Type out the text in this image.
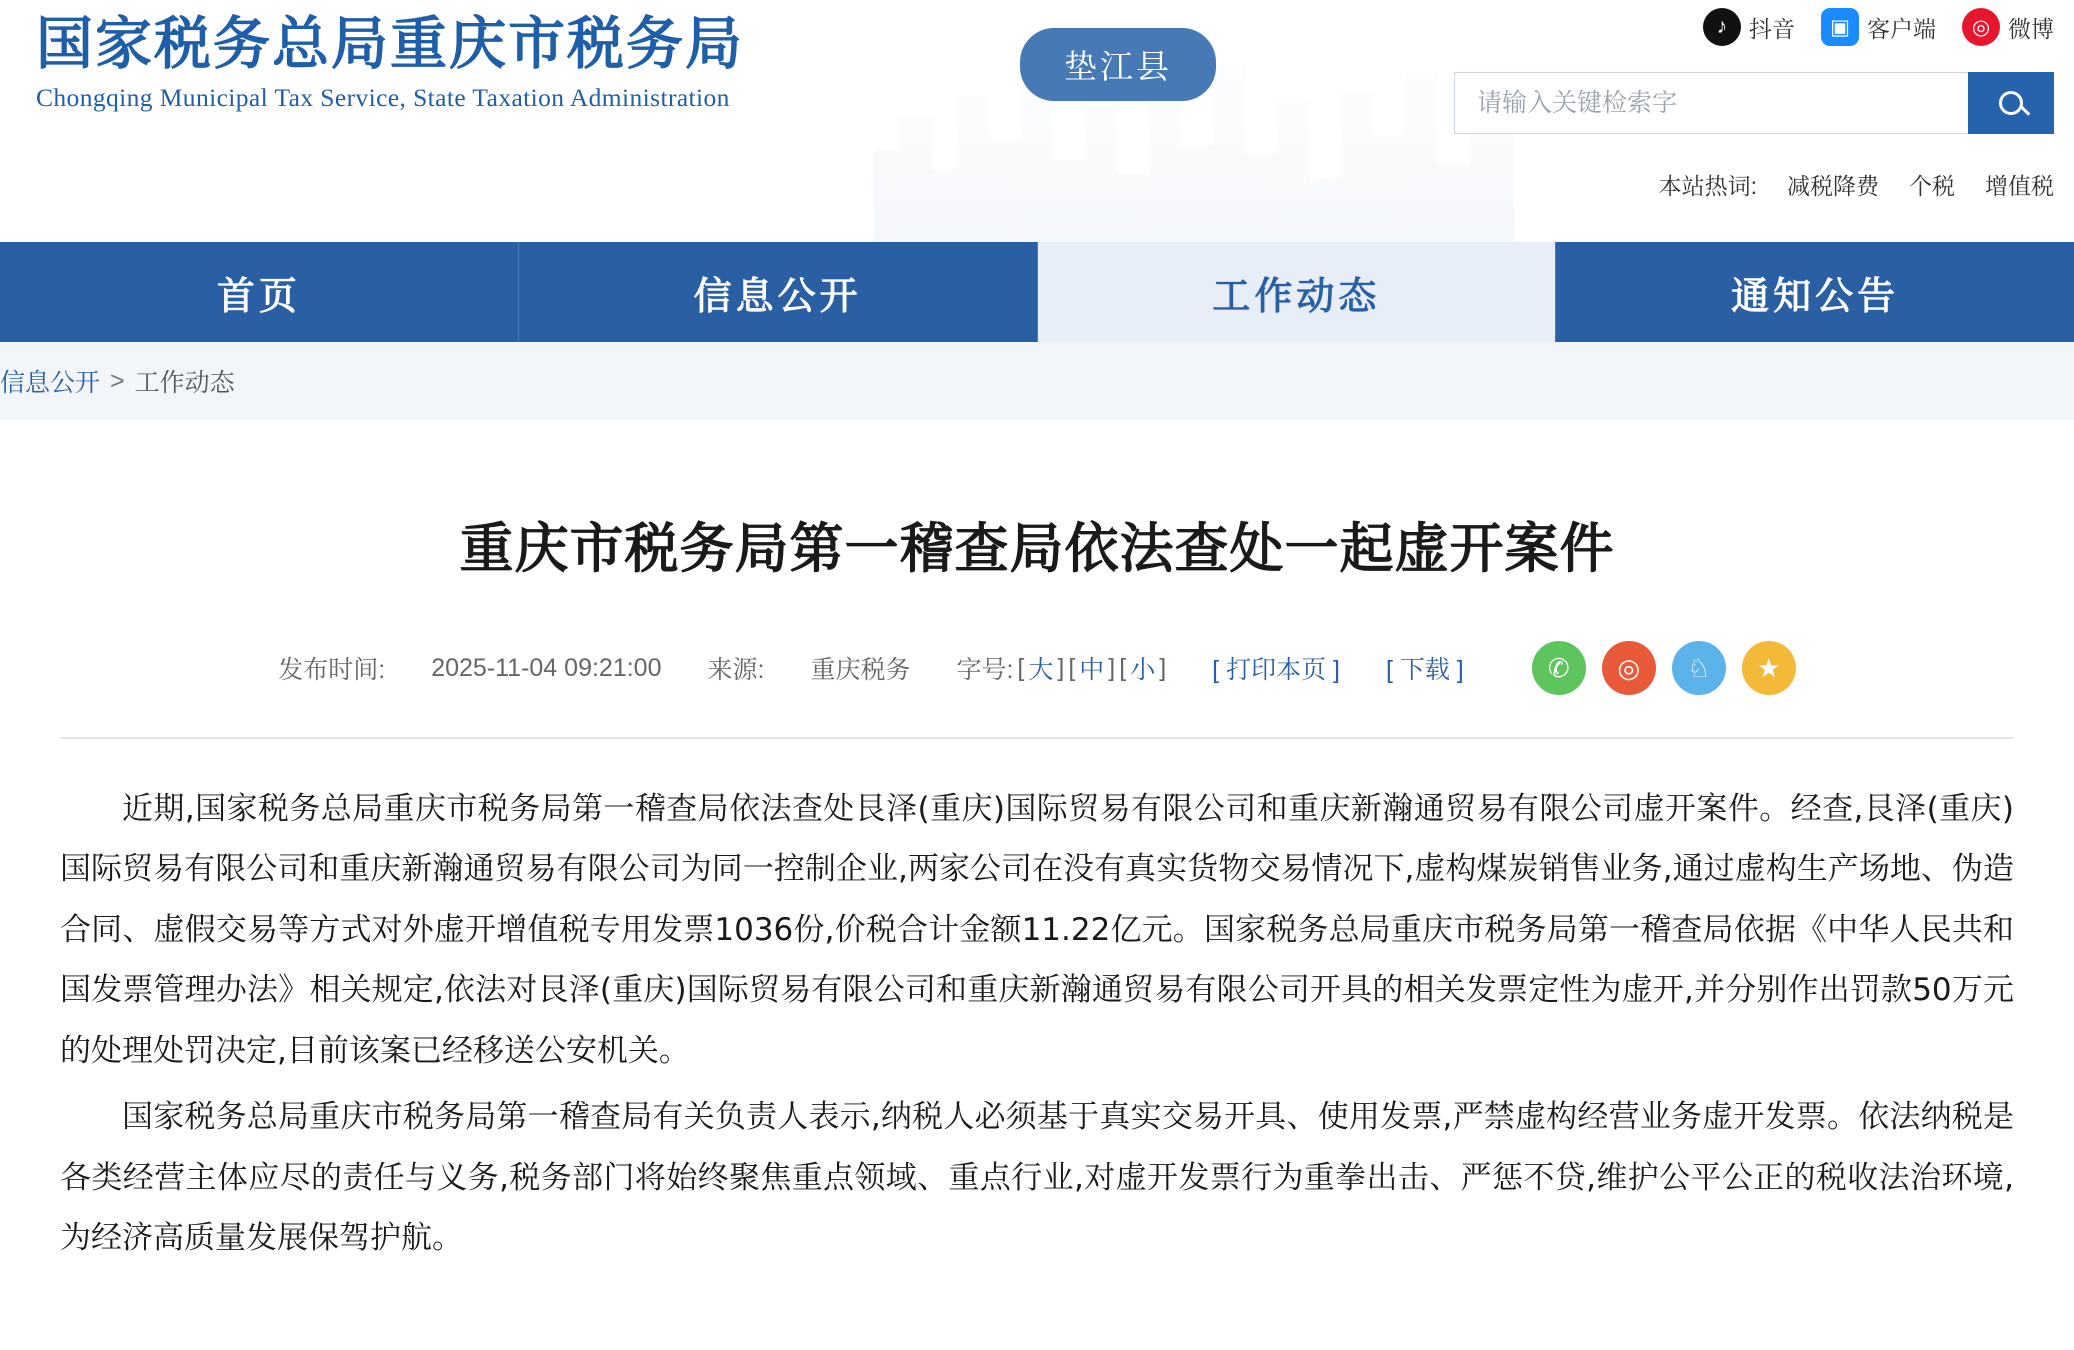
国家税务总局重庆市税务局
Chongqing Municipal Tax Service, State Taxation Administration
垫江县
♪ 抖音	▣ 客户端	◎ 微博
请输入关键检索字
本站热词: 减税降费 个税 增值税
首页	信息公开	工作动态	通知公告
信息公开 > 工作动态
重庆市税务局第一稽查局依法查处一起虚开案件
发布时间: 2025-11-04 09:21:00 来源: 重庆税务 字号: [ 大 ] [ 中 ] [ 小 ] [ 打印本页 ] [ 下载 ]	✆	◎	♘	★

近期,国家税务总局重庆市税务局第一稽查局依法查处艮泽(重庆)国际贸易有限公司和重庆新瀚通贸易有限公司虚开案件。经查,艮泽(重庆)国际贸易有限公司和重庆新瀚通贸易有限公司为同一控制企业,两家公司在没有真实货物交易情况下,虚构煤炭销售业务,通过虚构生产场地、伪造合同、虚假交易等方式对外虚开增值税专用发票1036份,价税合计金额11.22亿元。国家税务总局重庆市税务局第一稽查局依据《中华人民共和国发票管理办法》相关规定,依法对艮泽(重庆)国际贸易有限公司和重庆新瀚通贸易有限公司开具的相关发票定性为虚开,并分别作出罚款50万元的处理处罚决定,目前该案已经移送公安机关。

国家税务总局重庆市税务局第一稽查局有关负责人表示,纳税人必须基于真实交易开具、使用发票,严禁虚构经营业务虚开发票。依法纳税是各类经营主体应尽的责任与义务,税务部门将始终聚焦重点领域、重点行业,对虚开发票行为重拳出击、严惩不贷,维护公平公正的税收法治环境,为经济高质量发展保驾护航。
